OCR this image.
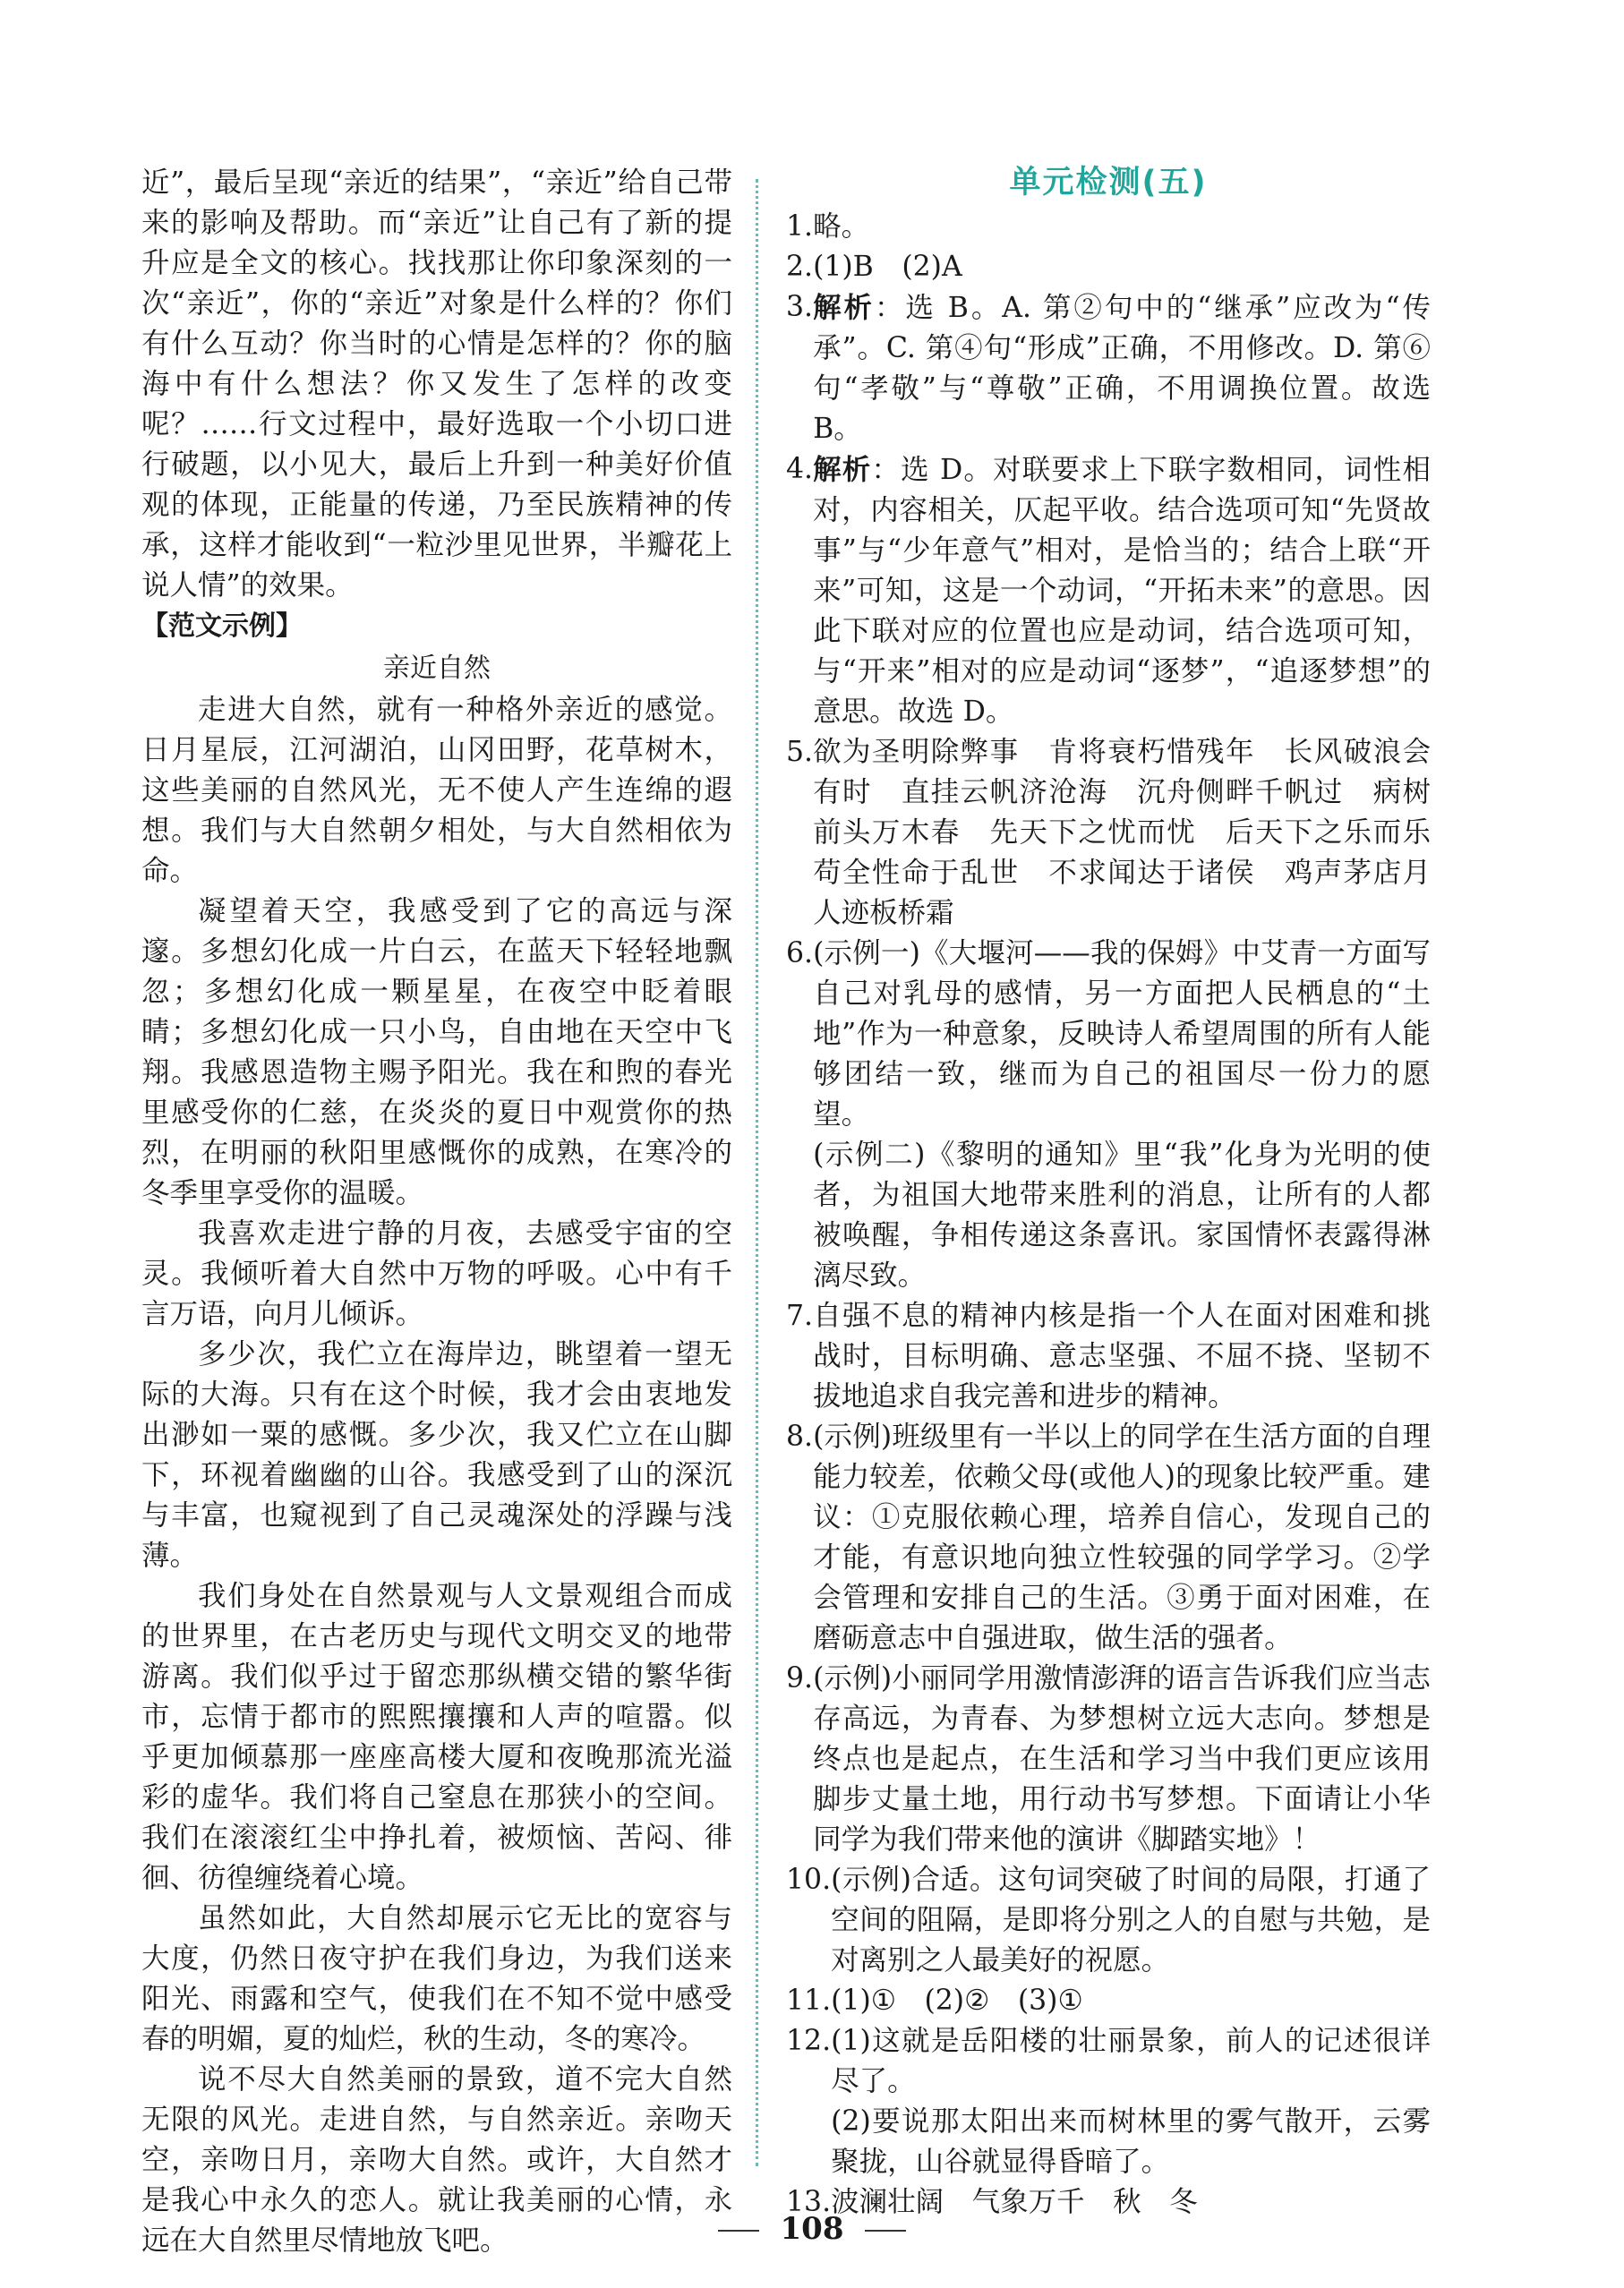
近”，最后呈现“亲近的结果”，“亲近”给自己带来的影响及帮助。而“亲近”让自己有了新的提升应是全文的核心。找找那让你印象深刻的一次“亲近”，你的“亲近”对象是什么样的？你们有什么互动？你当时的心情是怎样的？你的脑海中有什么想法？你又发生了怎样的改变呢？……行文过程中，最好选取一个小切口进行破题，以小见大，最后上升到一种美好价值观的体现，正能量的传递，乃至民族精神的传承，这样才能收到“一粒沙里见世界，半瓣花上说人情”的效果。

【范文示例】

亲近自然

走进大自然，就有一种格外亲近的感觉。日月星辰，江河湖泊，山冈田野，花草树木，这些美丽的自然风光，无不使人产生连绵的遐想。我们与大自然朝夕相处，与大自然相依为命。

凝望着天空，我感受到了它的高远与深邃。多想幻化成一片白云，在蓝天下轻轻地飘忽；多想幻化成一颗星星，在夜空中眨着眼睛；多想幻化成一只小鸟，自由地在天空中飞翔。我感恩造物主赐予阳光。我在和煦的春光里感受你的仁慈，在炎炎的夏日中观赏你的热烈，在明丽的秋阳里感慨你的成熟，在寒冷的冬季里享受你的温暖。

我喜欢走进宁静的月夜，去感受宇宙的空灵。我倾听着大自然中万物的呼吸。心中有千言万语，向月儿倾诉。

多少次，我伫立在海岸边，眺望着一望无际的大海。只有在这个时候，我才会由衷地发出渺如一粟的感慨。多少次，我又伫立在山脚下，环视着幽幽的山谷。我感受到了山的深沉与丰富，也窥视到了自己灵魂深处的浮躁与浅薄。

我们身处在自然景观与人文景观组合而成的世界里，在古老历史与现代文明交叉的地带游离。我们似乎过于留恋那纵横交错的繁华街市，忘情于都市的熙熙攘攘和人声的喧嚣。似乎更加倾慕那一座座高楼大厦和夜晚那流光溢彩的虚华。我们将自己窒息在那狭小的空间。我们在滚滚红尘中挣扎着，被烦恼、苦闷、徘徊、彷徨缠绕着心境。

虽然如此，大自然却展示它无比的宽容与大度，仍然日夜守护在我们身边，为我们送来阳光、雨露和空气，使我们在不知不觉中感受春的明媚，夏的灿烂，秋的生动，冬的寒冷。

说不尽大自然美丽的景致，道不完大自然无限的风光。走进自然，与自然亲近。亲吻天空，亲吻日月，亲吻大自然。或许，大自然才是我心中永久的恋人。就让我美丽的心情，永远在大自然里尽情地放飞吧。

单元检测(五)

1. 略。
2. (1)B　(2)A
3. 解析：选 B。A. 第②句中的“继承”应改为“传承”。C. 第④句“形成”正确，不用修改。D. 第⑥句“孝敬”与“尊敬”正确，不用调换位置。故选 B。
4. 解析：选 D。对联要求上下联字数相同，词性相对，内容相关，仄起平收。结合选项可知“先贤故事”与“少年意气”相对，是恰当的；结合上联“开来”可知，这是一个动词，“开拓未来”的意思。因此下联对应的位置也应是动词，结合选项可知，与“开来”相对的应是动词“逐梦”，“追逐梦想”的意思。故选 D。
5. 欲为圣明除弊事　肯将衰朽惜残年　长风破浪会有时　直挂云帆济沧海　沉舟侧畔千帆过　病树前头万木春　先天下之忧而忧　后天下之乐而乐　苟全性命于乱世　不求闻达于诸侯　鸡声茅店月　人迹板桥霜
6. (示例一)《大堰河——我的保姆》中艾青一方面写自己对乳母的感情，另一方面把人民栖息的“土地”作为一种意象，反映诗人希望周围的所有人能够团结一致，继而为自己的祖国尽一份力的愿望。
(示例二)《黎明的通知》里“我”化身为光明的使者，为祖国大地带来胜利的消息，让所有的人都被唤醒，争相传递这条喜讯。家国情怀表露得淋漓尽致。
7. 自强不息的精神内核是指一个人在面对困难和挑战时，目标明确、意志坚强、不屈不挠、坚韧不拔地追求自我完善和进步的精神。
8. (示例)班级里有一半以上的同学在生活方面的自理能力较差，依赖父母(或他人)的现象比较严重。建议：①克服依赖心理，培养自信心，发现自己的才能，有意识地向独立性较强的同学学习。②学会管理和安排自己的生活。③勇于面对困难，在磨砺意志中自强进取，做生活的强者。
9. (示例)小丽同学用激情澎湃的语言告诉我们应当志存高远，为青春、为梦想树立远大志向。梦想是终点也是起点，在生活和学习当中我们更应该用脚步丈量土地，用行动书写梦想。下面请让小华同学为我们带来他的演讲《脚踏实地》！
10. (示例)合适。这句词突破了时间的局限，打通了空间的阻隔，是即将分别之人的自慰与共勉，是对离别之人最美好的祝愿。
11. (1)①　(2)②　(3)①
12. (1)这就是岳阳楼的壮丽景象，前人的记述很详尽了。
(2)要说那太阳出来而树林里的雾气散开，云雾聚拢，山谷就显得昏暗了。
13. 波澜壮阔　气象万千　秋　冬
108
